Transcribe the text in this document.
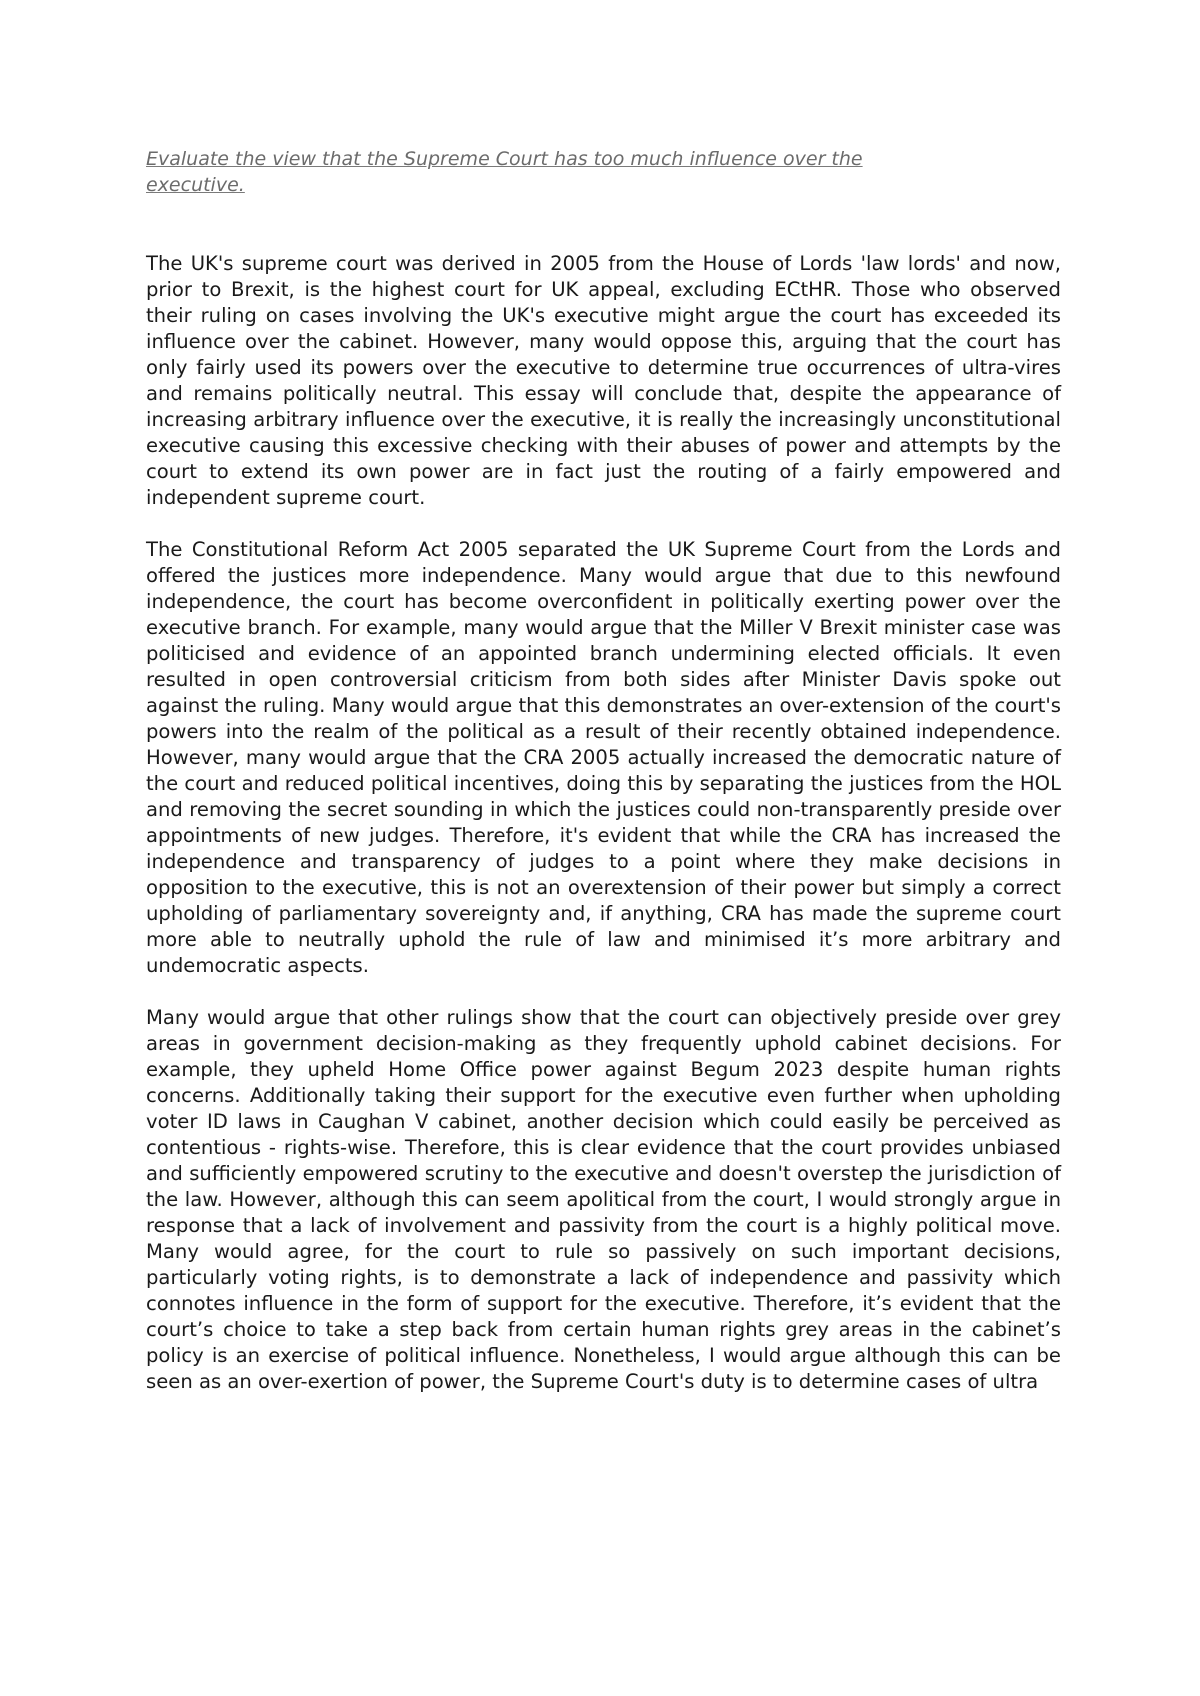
Evaluate the view that the Supreme Court has too much influence over the executive.

The UK's supreme court was derived in 2005 from the House of Lords 'law lords' and now, prior to Brexit, is the highest court for UK appeal, excluding ECtHR. Those who observed their ruling on cases involving the UK's executive might argue the court has exceeded its influence over the cabinet. However, many would oppose this, arguing that the court has only fairly used its powers over the executive to determine true occurrences of ultra-vires and remains politically neutral. This essay will conclude that, despite the appearance of increasing arbitrary influence over the executive, it is really the increasingly unconstitutional executive causing this excessive checking with their abuses of power and attempts by the court to extend its own power are in fact just the routing of a fairly empowered and independent supreme court.

The Constitutional Reform Act 2005 separated the UK Supreme Court from the Lords and offered the justices more independence. Many would argue that due to this newfound independence, the court has become overconfident in politically exerting power over the executive branch. For example, many would argue that the Miller V Brexit minister case was politicised and evidence of an appointed branch undermining elected officials. It even resulted in open controversial criticism from both sides after Minister Davis spoke out against the ruling. Many would argue that this demonstrates an over-extension of the court's powers into the realm of the political as a result of their recently obtained independence. However, many would argue that the CRA 2005 actually increased the democratic nature of the court and reduced political incentives, doing this by separating the justices from the HOL and removing the secret sounding in which the justices could non-transparently preside over appointments of new judges. Therefore, it's evident that while the CRA has increased the independence and transparency of judges to a point where they make decisions in opposition to the executive, this is not an overextension of their power but simply a correct upholding of parliamentary sovereignty and, if anything, CRA has made the supreme court more able to neutrally uphold the rule of law and minimised it’s more arbitrary and undemocratic aspects.

Many would argue that other rulings show that the court can objectively preside over grey areas in government decision-making as they frequently uphold cabinet decisions. For example, they upheld Home Office power against Begum 2023 despite human rights concerns. Additionally taking their support for the executive even further when upholding voter ID laws in Caughan V cabinet, another decision which could easily be perceived as contentious - rights-wise. Therefore, this is clear evidence that the court provides unbiased and sufficiently empowered scrutiny to the executive and doesn't overstep the jurisdiction of the law. However, although this can seem apolitical from the court, I would strongly argue in response that a lack of involvement and passivity from the court is a highly political move. Many would agree, for the court to rule so passively on such important decisions, particularly voting rights, is to demonstrate a lack of independence and passivity which connotes influence in the form of support for the executive. Therefore, it’s evident that the court’s choice to take a step back from certain human rights grey areas in the cabinet’s policy is an exercise of political influence. Nonetheless, I would argue although this can be seen as an over-exertion of power, the Supreme Court's duty is to determine cases of ultra
